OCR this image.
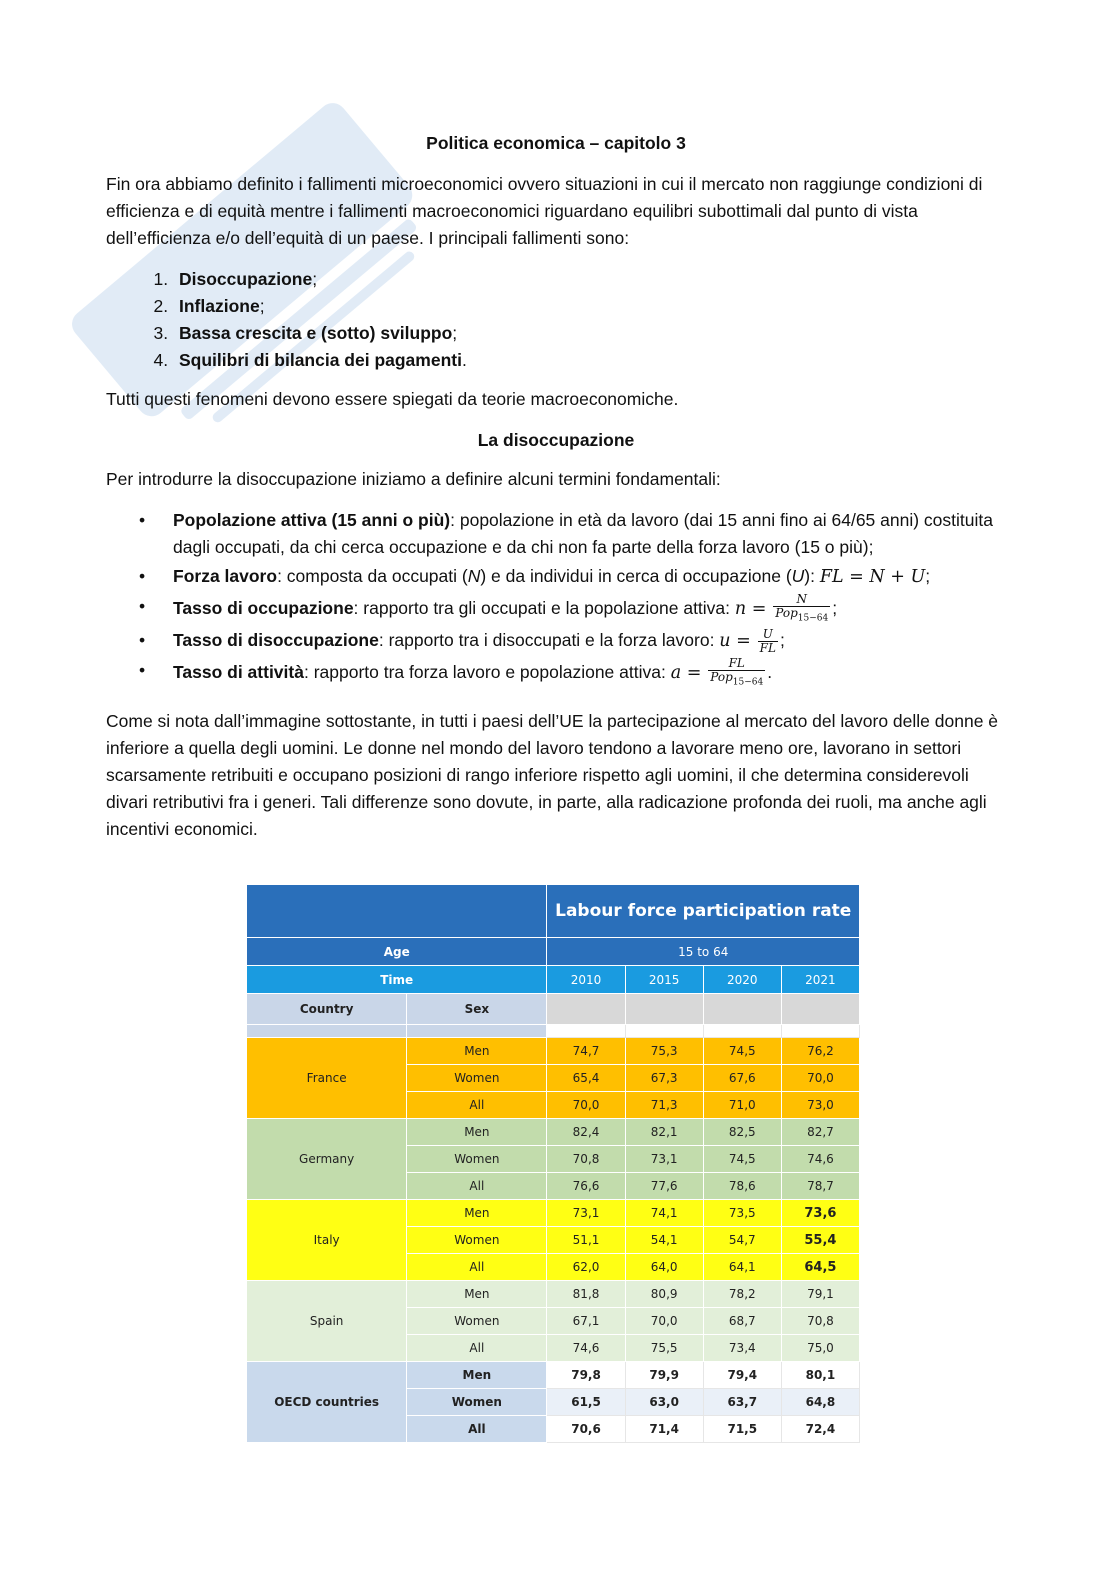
Politica economica – capitolo 3
Fin ora abbiamo definito i fallimenti microeconomici ovvero situazioni in cui il mercato non raggiunge condizioni di efficienza e di equità mentre i fallimenti macroeconomici riguardano equilibri subottimali dal punto di vista dell’efficienza e/o dell’equità di un paese. I principali fallimenti sono:
1. Disoccupazione;
2. Inflazione;
3. Bassa crescita e (sotto) sviluppo;
4. Squilibri di bilancia dei pagamenti.
Tutti questi fenomeni devono essere spiegati da teorie macroeconomiche.
La disoccupazione
Per introdurre la disoccupazione iniziamo a definire alcuni termini fondamentali:
• Popolazione attiva (15 anni o più): popolazione in età da lavoro (dai 15 anni fino ai 64/65 anni) costituita dagli occupati, da chi cerca occupazione e da chi non fa parte della forza lavoro (15 o più);
• Forza lavoro: composta da occupati (N) e da individui in cerca di occupazione (U): FL = N + U;
• Tasso di occupazione: rapporto tra gli occupati e la popolazione attiva: $n = \frac{N}{Pop_{15-64}}$ ;
• Tasso di disoccupazione: rapporto tra i disoccupati e la forza lavoro: $u = \frac{U}{FL}$ ;
• Tasso di attività: rapporto tra forza lavoro e popolazione attiva: $a = \frac{FL}{Pop_{15-64}}$ .
Come si nota dall’immagine sottostante, in tutti i paesi dell’UE la partecipazione al mercato del lavoro delle donne è inferiore a quella degli uomini. Le donne nel mondo del lavoro tendono a lavorare meno ore, lavorano in settori scarsamente retribuiti e occupano posizioni di rango inferiore rispetto agli uomini, il che determina considerevoli divari retributivi fra i generi. Tali differenze sono dovute, in parte, alla radicazione profonda dei ruoli, ma anche agli incentivi economici.
		Labour force participation rate			
Age		15 to 64			
Time		2010	2015	2020	2021
Country	Sex				

France	Men	74,7	75,3	74,5	76,2
	Women	65,4	67,3	67,6	70,0
	All	70,0	71,3	71,0	73,0
Germany	Men	82,4	82,1	82,5	82,7
	Women	70,8	73,1	74,5	74,6
	All	76,6	77,6	78,6	78,7
Italy	Men	73,1	74,1	73,5	73,6
	Women	51,1	54,1	54,7	55,4
	All	62,0	64,0	64,1	64,5
Spain	Men	81,8	80,9	78,2	79,1
	Women	67,1	70,0	68,7	70,8
	All	74,6	75,5	73,4	75,0
OECD countries	Men	79,8	79,9	79,4	80,1
	Women	61,5	63,0	63,7	64,8
	All	70,6	71,4	71,5	72,4
